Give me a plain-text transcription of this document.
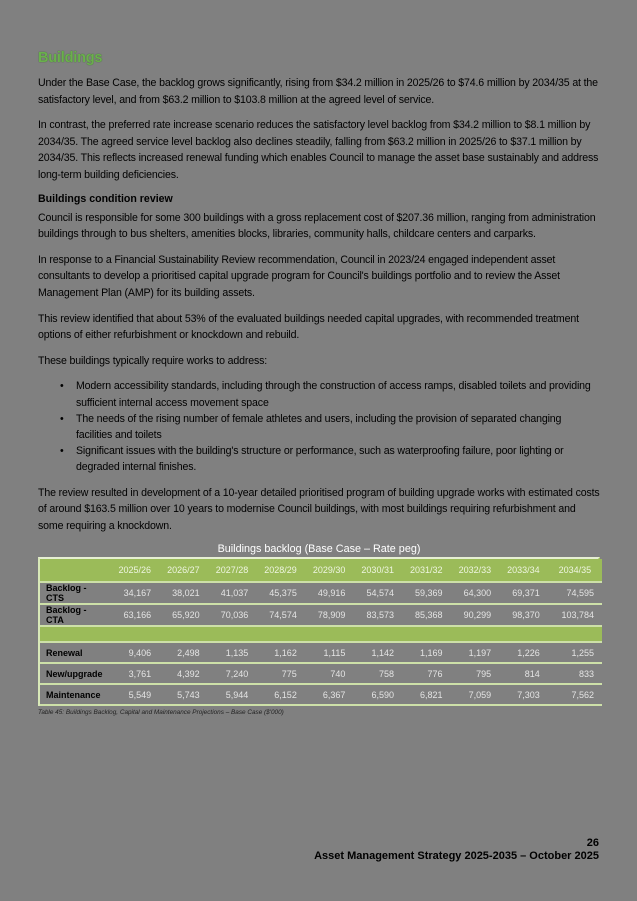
Buildings

Under the Base Case, the backlog grows significantly, rising from $34.2 million in 2025/26 to $74.6 million by 2034/35 at the satisfactory level, and from $63.2 million to $103.8 million at the agreed level of service.

In contrast, the preferred rate increase scenario reduces the satisfactory level backlog from $34.2 million to $8.1 million by 2034/35. The agreed service level backlog also declines steadily, falling from $63.2 million in 2025/26 to $37.1 million by 2034/35. This reflects increased renewal funding which enables Council to manage the asset base sustainably and address long-term building deficiencies.

Buildings condition review

Council is responsible for some 300 buildings with a gross replacement cost of $207.36 million, ranging from administration buildings through to bus shelters, amenities blocks, libraries, community halls, childcare centers and carparks.

In response to a Financial Sustainability Review recommendation, Council in 2023/24 engaged independent asset consultants to develop a prioritised capital upgrade program for Council's buildings portfolio and to review the Asset Management Plan (AMP) for its building assets.

This review identified that about 53% of the evaluated buildings needed capital upgrades, with recommended treatment options of either refurbishment or knockdown and rebuild.

These buildings typically require works to address:

• Modern accessibility standards, including through the construction of access ramps, disabled toilets and providing sufficient internal access movement space
• The needs of the rising number of female athletes and users, including the provision of separated changing facilities and toilets
• Significant issues with the building's structure or performance, such as waterproofing failure, poor lighting or degraded internal finishes.

The review resulted in development of a 10-year detailed prioritised program of building upgrade works with estimated costs of around $163.5 million over 10 years to modernise Council buildings, with most buildings requiring refurbishment and some requiring a knockdown.

Buildings backlog (Base Case – Rate peg)
	2025/26	2026/27	2027/28	2028/29	2029/30	2030/31	2031/32	2032/33	2033/34	2034/35
Backlog - CTS	34,167	38,021	41,037	45,375	49,916	54,574	59,369	64,300	69,371	74,595
Backlog - CTA	63,166	65,920	70,036	74,574	78,909	83,573	85,368	90,299	98,370	103,784

Renewal	9,406	2,498	1,135	1,162	1,115	1,142	1,169	1,197	1,226	1,255
New/upgrade	3,761	4,392	7,240	775	740	758	776	795	814	833
Maintenance	5,549	5,743	5,944	6,152	6,367	6,590	6,821	7,059	7,303	7,562
Table 45: Buildings Backlog, Capital and Maintenance Projections – Base Case ($'000)
26
Asset Management Strategy 2025-2035 – October 2025
